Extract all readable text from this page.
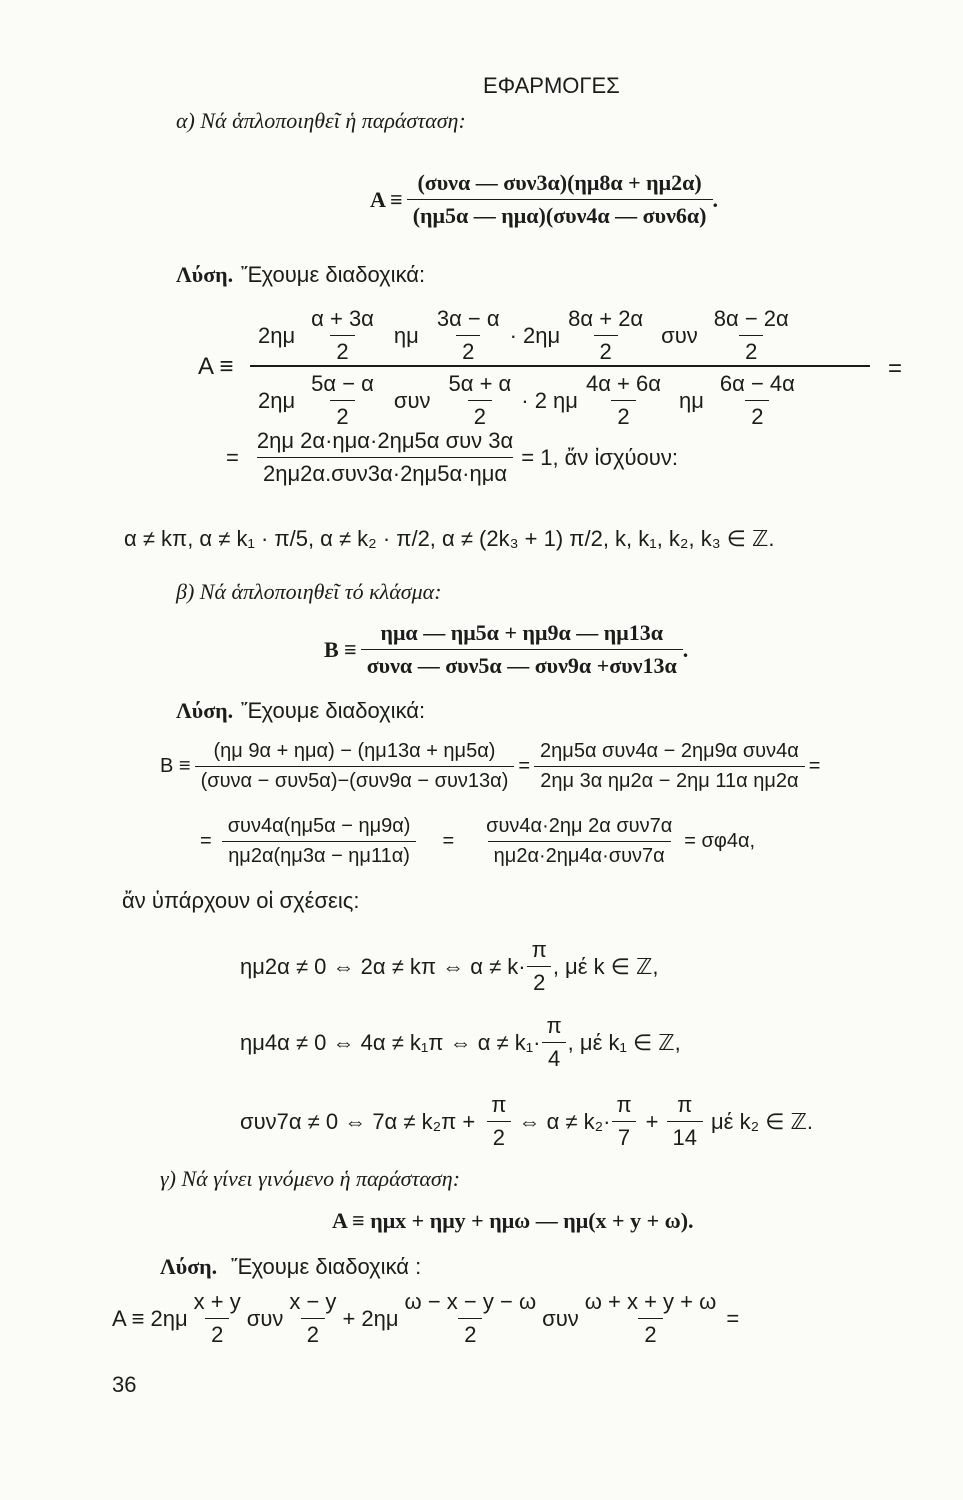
ΕΦΑΡΜΟΓΕΣ
α) Νά ἁπλοποιηθεῖ ἡ παράσταση:
$A \equiv \frac{\text{(συνα — συν3α)(ημ8α + ημ2α)}}{\text{(ημ5α — ημα)(συν4α — συν6α)}}$ .
Λύση. Ἔχουμε διαδοχικά:
A ≡	=
$2\eta\mu \frac{\alpha + 3\alpha}{2}$ ημ $\frac{3\alpha - \alpha}{2} \cdot 2\eta\mu \frac{8\alpha + 2\alpha}{2}$ συν $\frac{8\alpha - 2\alpha}{2}$
$2\eta\mu \frac{5\alpha - \alpha}{2}$ συν $\frac{5\alpha + \alpha}{2} \cdot 2$ ημ $\frac{4\alpha + 6\alpha}{2}$ ημ $\frac{6\alpha - 4\alpha}{2}$
= $\frac{\text{2ημ 2α·ημα·2ημ5α συν 3α}}{\text{2ημ2α.συν3α·2ημ5α·ημα}} = 1$, ἄν ἰσχύουν:
α ≠ kπ, α ≠ k₁ · π/5, α ≠ k₂ · π/2, α ≠ (2k₃ + 1) π/2, k, k₁, k₂, k₃ ∈ ℤ.
β) Νά ἁπλοποιηθεῖ τό κλάσμα:
$B \equiv \frac{\text{ημα — ημ5α + ημ9α — ημ13α}}{\text{συνα — συν5α — συν9α +συν13α}}$ .
Λύση. Ἔχουμε διαδοχικά:
$B \equiv \frac{\text{(ημ 9α + ημα) − (ημ13α + ημ5α)}}{\text{(συνα − συν5α)−(συν9α − συν13α)}} = \frac{\text{2ημ5α συν4α − 2ημ9α συν4α}}{\text{2ημ 3α ημ2α − 2ημ 11α ημ2α}}$ =
= $\frac{\text{συν4α(ημ5α − ημ9α)}}{\eta\mu 2\alpha(\eta\mu 3\alpha - \eta\mu 11\alpha)} = \frac{\text{συν4α·2ημ 2α συν7α}}{\text{ημ2α·2ημ4α·συν7α}} = \sigma\varphi 4\alpha$,
ἄν ὑπάρχουν οἱ σχέσεις:
ημ2α ≠ 0 ⇔ 2α ≠ kπ ⇔ $\alpha \ne k\cdot \frac{\pi}{2}$ , μέ k ∈ ℤ,
ημ4α ≠ 0 ⇔ 4α ≠ k₁π ⇔ $\alpha \ne k_1\cdot \frac{\pi}{4}$ , μέ k₁ ∈ ℤ,
συν7α ≠ 0 ⇔ $7\alpha \ne k_2\pi + \frac{\pi}{2}$ ⇔ $\alpha \ne k_2\cdot \frac{\pi}{7} + \frac{\pi}{14}$ μέ k₂ ∈ ℤ.
γ) Νά γίνει γινόμενο ἡ παράσταση:
A ≡ ημx + ημy + ημω — ημ(x + y + ω).
Λύση. Ἔχουμε διαδοχικά :
$A \equiv 2\eta\mu \frac{x + y}{2}$ συν $\frac{x - y}{2} + 2\eta\mu \frac{\omega - x - y - \omega}{2}$ συν $\frac{\omega + x + y + \omega}{2}$ =
36
